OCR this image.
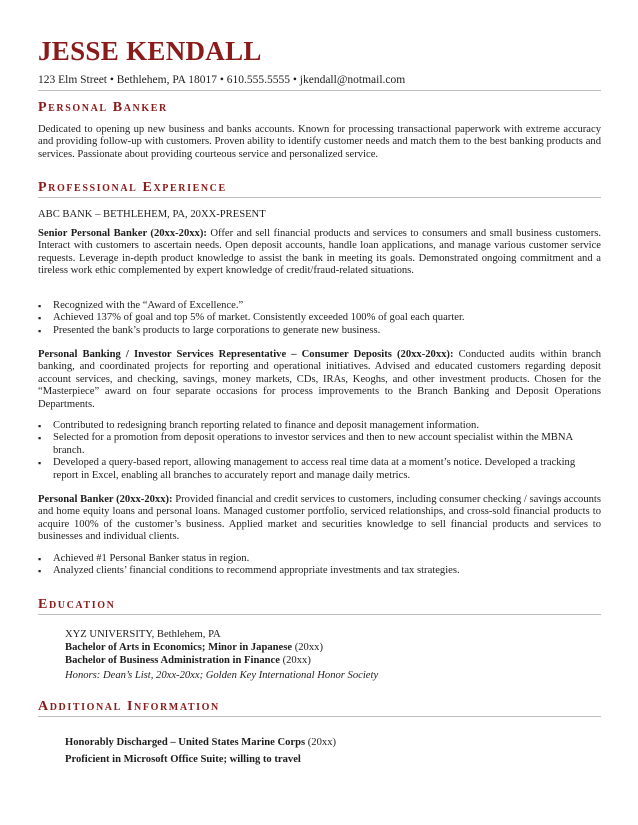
JESSE KENDALL
123 Elm Street • Bethlehem, PA 18017 • 610.555.5555 • jkendall@notmail.com
Personal Banker
Dedicated to opening up new business and banks accounts. Known for processing transactional paperwork with extreme accuracy and providing follow-up with customers. Proven ability to identify customer needs and match them to the best banking products and services. Passionate about providing courteous service and personalized service.
Professional Experience
ABC BANK – BETHLEHEM, PA, 20XX-PRESENT
Senior Personal Banker (20xx-20xx): Offer and sell financial products and services to consumers and small business customers. Interact with customers to ascertain needs. Open deposit accounts, handle loan applications, and manage various customer service requests. Leverage in-depth product knowledge to assist the bank in meeting its goals. Demonstrated ongoing commitment and a tireless work ethic complemented by expert knowledge of credit/fraud-related situations.
▪ Recognized with the “Award of Excellence.”
▪ Achieved 137% of goal and top 5% of market. Consistently exceeded 100% of goal each quarter.
▪ Presented the bank’s products to large corporations to generate new business.
Personal Banking / Investor Services Representative – Consumer Deposits (20xx-20xx): Conducted audits within branch banking, and coordinated projects for reporting and operational initiatives. Advised and educated customers regarding deposit account services, and checking, savings, money markets, CDs, IRAs, Keoghs, and other investment products. Chosen for the “Masterpiece” award on four separate occasions for process improvements to the Branch Banking and Deposit Operations Departments.
▪ Contributed to redesigning branch reporting related to finance and deposit management information.
▪ Selected for a promotion from deposit operations to investor services and then to new account specialist within the MBNA branch.
▪ Developed a query-based report, allowing management to access real time data at a moment’s notice. Developed a tracking report in Excel, enabling all branches to accurately report and manage daily metrics.
Personal Banker (20xx-20xx): Provided financial and credit services to customers, including consumer checking / savings accounts and home equity loans and personal loans. Managed customer portfolio, serviced relationships, and cross-sold financial products to acquire 100% of the customer’s business. Applied market and securities knowledge to sell financial products and services to businesses and individual clients.
▪ Achieved #1 Personal Banker status in region.
▪ Analyzed clients’ financial conditions to recommend appropriate investments and tax strategies.
Education
XYZ UNIVERSITY, Bethlehem, PA
Bachelor of Arts in Economics; Minor in Japanese (20xx)
Bachelor of Business Administration in Finance (20xx)
Honors: Dean’s List, 20xx-20xx; Golden Key International Honor Society
Additional Information
Honorably Discharged – United States Marine Corps (20xx)
Proficient in Microsoft Office Suite; willing to travel
